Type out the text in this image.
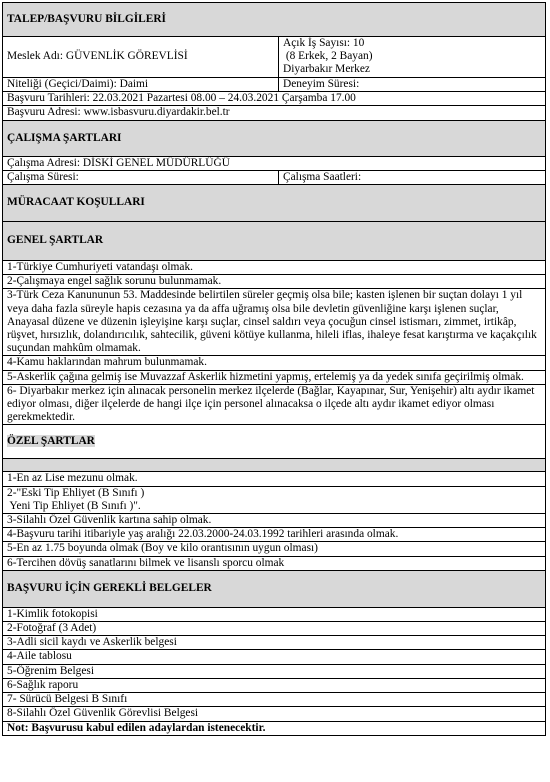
TALEP/BAŞVURU BİLGİLERİ	
Meslek Adı: GÜVENLİK GÖREVLİSİ	Açık İş Sayısı: 10
(8 Erkek, 2 Bayan)
Diyarbakır Merkez

Niteliği (Geçici/Daimi): Daimi	Deneyim Süresi:
Başvuru Tarihleri: 22.03.2021 Pazartesi 08.00 – 24.03.2021 Çarşamba 17.00	
Başvuru Adresi: www.isbasvuru.diyardakir.bel.tr	
ÇALIŞMA ŞARTLARI	
Çalışma Adresi: DİSKİ GENEL MÜDÜRLÜĞÜ	
Çalışma Süresi:	Çalışma Saatleri:
MÜRACAAT KOŞULLARI	
GENEL ŞARTLAR	
1-Türkiye Cumhuriyeti vatandaşı olmak.	
2-Çalışmaya engel sağlık sorunu bulunmamak.	
3-Türk Ceza Kanununun 53. Maddesinde belirtilen süreler geçmiş olsa bile; kasten işlenen bir suçtan dolayı 1 yıl veya daha fazla süreyle hapis cezasına ya da affa uğramış olsa bile devletin güvenliğine karşı işlenen suçlar, Anayasal düzene ve düzenin işleyişine karşı suçlar, cinsel saldırı veya çocuğun cinsel istismarı, zimmet, irtikâp, rüşvet, hırsızlık, dolandırıcılık, sahtecilik, güveni kötüye kullanma, hileli iflas, ihaleye fesat karıştırma ve kaçakçılık suçundan mahkûm olmamak.	
4-Kamu haklarından mahrum bulunmamak.	
5-Askerlik çağına gelmiş ise Muvazzaf Askerlik hizmetini yapmış, ertelemiş ya da yedek sınıfa geçirilmiş olmak.	
6- Diyarbakır merkez için alınacak personelin merkez ilçelerde (Bağlar, Kayapınar, Sur, Yenişehir) altı aydır ikamet ediyor olması, diğer ilçelerde de hangi ilçe için personel alınacaksa o ilçede altı aydır ikamet ediyor olması gerekmektedir.	
ÖZEL ŞARTLAR	

1-En az Lise mezunu olmak.	

2-"Eski Tip Ehliyet (B Sınıfı )
Yeni Tip Ehliyet (B Sınıfı )".	

3-Silahlı Özel Güvenlik kartına sahip olmak.	
4-Başvuru tarihi itibariyle yaş aralığı 22.03.2000-24.03.1992 tarihleri arasında olmak.	
5-En az 1.75 boyunda olmak (Boy ve kilo orantısının uygun olması)	
6-Tercihen dövüş sanatlarını bilmek ve lisanslı sporcu olmak	
BAŞVURU İÇİN GEREKLİ BELGELER	
1-Kimlik fotokopisi	
2-Fotoğraf (3 Adet)	
3-Adli sicil kaydı ve Askerlik belgesi	
4-Aile tablosu	
5-Öğrenim Belgesi	
6-Sağlık raporu	
7- Sürücü Belgesi B Sınıfı	
8-Silahlı Özel Güvenlik Görevlisi Belgesi	
Not: Başvurusu kabul edilen adaylardan istenecektir.	
